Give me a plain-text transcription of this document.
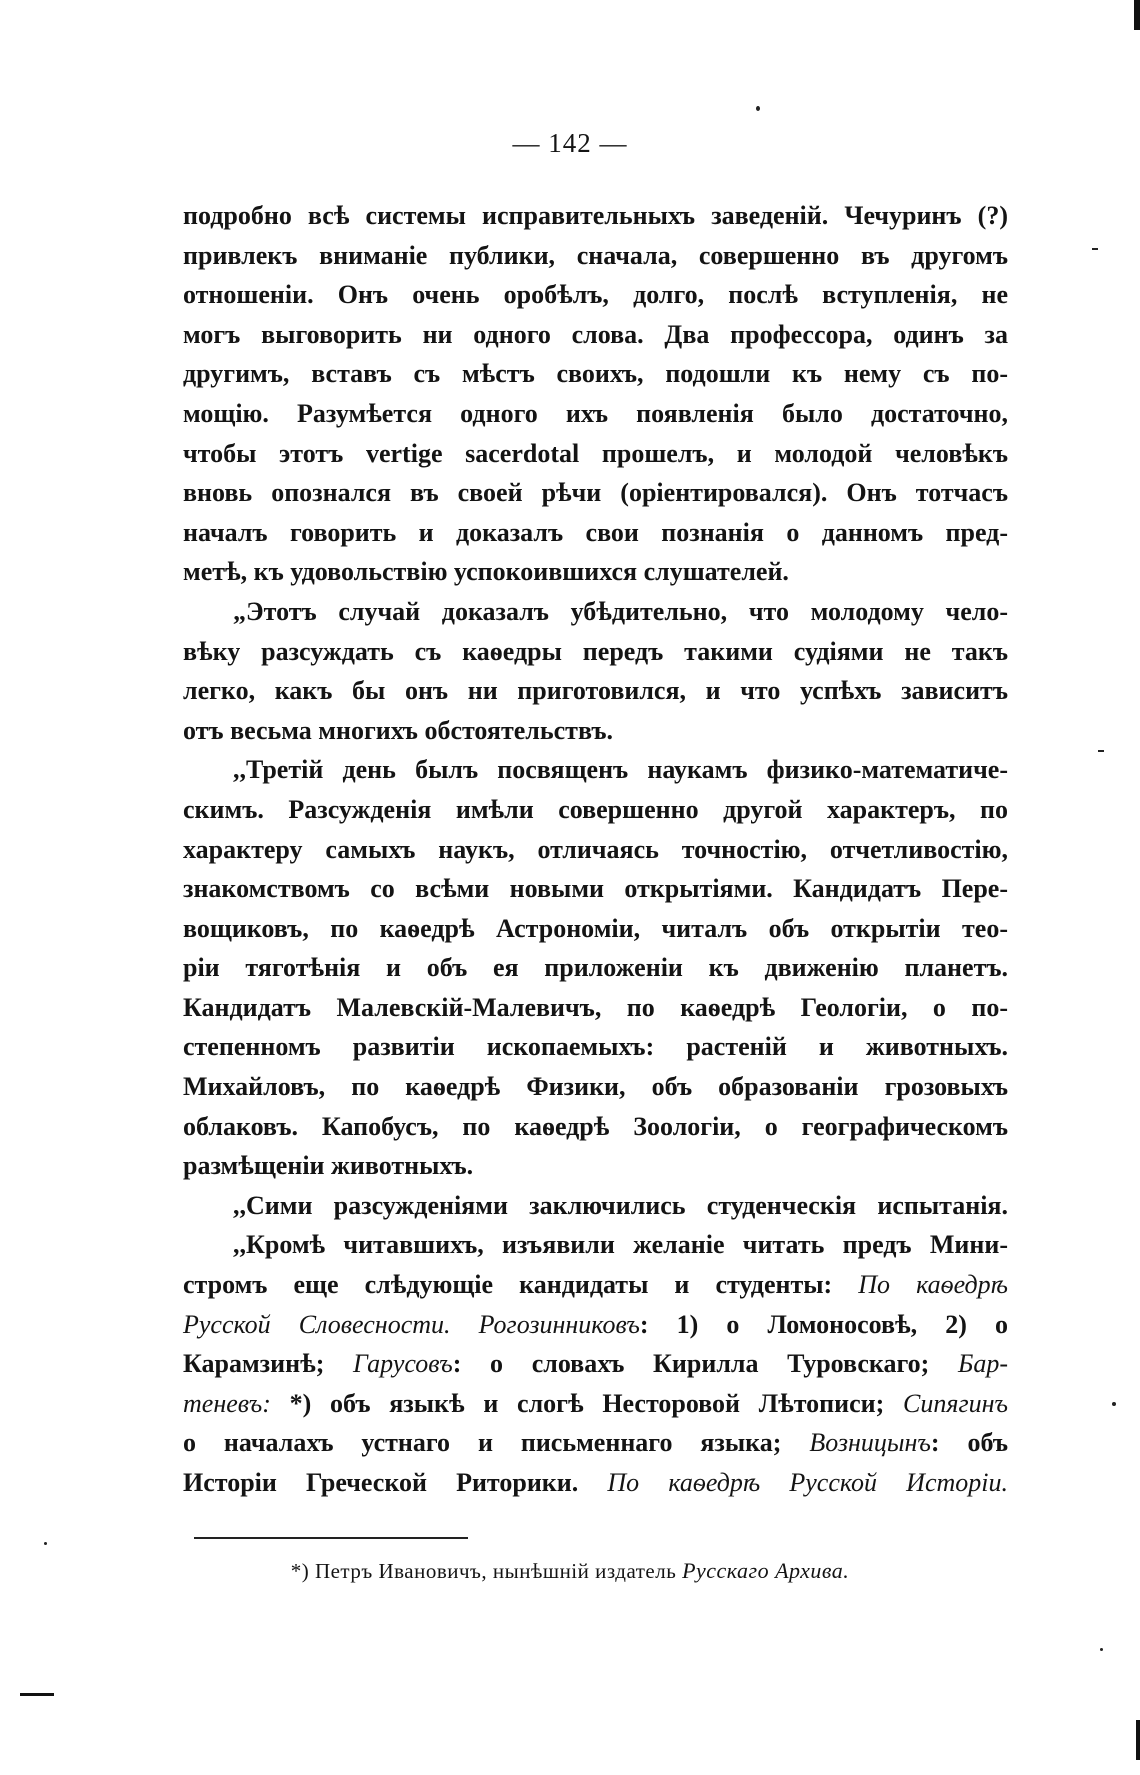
— 142 —
подробно всѣ системы исправительныхъ заведеній. Чечуринъ (?)
привлекъ вниманіе публики, сначала, совершенно въ другомъ
отношеніи. Онъ очень оробѣлъ, долго, послѣ вступленія, не
могъ выговорить ни одного слова. Два профессора, одинъ за
другимъ, вставъ съ мѣстъ своихъ, подошли къ нему съ по-
мощію. Разумѣется одного ихъ появленія было достаточно,
чтобы этотъ vertige sacerdotal прошелъ, и молодой человѣкъ
вновь опознался въ своей рѣчи (оріентировался). Онъ тотчасъ
началъ говорить и доказалъ свои познанія о данномъ пред-
метѣ, къ удовольствію успокоившихся слушателей.
„Этотъ случай доказалъ убѣдительно, что молодому чело-
вѣку разсуждать съ каѳедры передъ такими судіями не такъ
легко, какъ бы онъ ни приготовился, и что успѣхъ зависитъ
отъ весьма многихъ обстоятельствъ.
,,Третій день былъ посвященъ наукамъ физико-математиче-
скимъ. Разсужденія имѣли совершенно другой характеръ, по
характеру самыхъ наукъ, отличаясь точностію, отчетливостію,
знакомствомъ со всѣми новыми открытіями. Кандидатъ Пере-
вощиковъ, по каѳедрѣ Астрономіи, читалъ объ открытіи тео-
ріи тяготѣнія и объ ея приложеніи къ движенію планетъ.
Кандидатъ Малевскій-Малевичъ, по каѳедрѣ Геологіи, о по-
степенномъ развитіи ископаемыхъ: растеній и животныхъ.
Михайловъ, по каѳедрѣ Физики, объ образованіи грозовыхъ
облаковъ. Капобусъ, по каѳедрѣ Зоологіи, о географическомъ
размѣщеніи животныхъ.
,,Сими разсужденіями заключились студенческія испытанія.
,,Кромѣ читавшихъ, изъявили желаніе читать предъ Мини-
стромъ еще слѣдующіе кандидаты и студенты: По каѳедрѣ
Русской Словесности. Рогозинниковъ: 1) о Ломоносовѣ, 2) о
Карамзинѣ; Гарусовъ: о словахъ Кирилла Туровскаго; Бар-
теневъ: *) объ языкѣ и слогѣ Несторовой Лѣтописи; Сипягинъ
о началахъ устнаго и письменнаго языка; Возницынъ: объ
Исторіи Греческой Риторики. По каѳедрѣ Русской Исторіи.
*) Петръ Ивановичъ, нынѣшній издатель Русскаго Архива.
